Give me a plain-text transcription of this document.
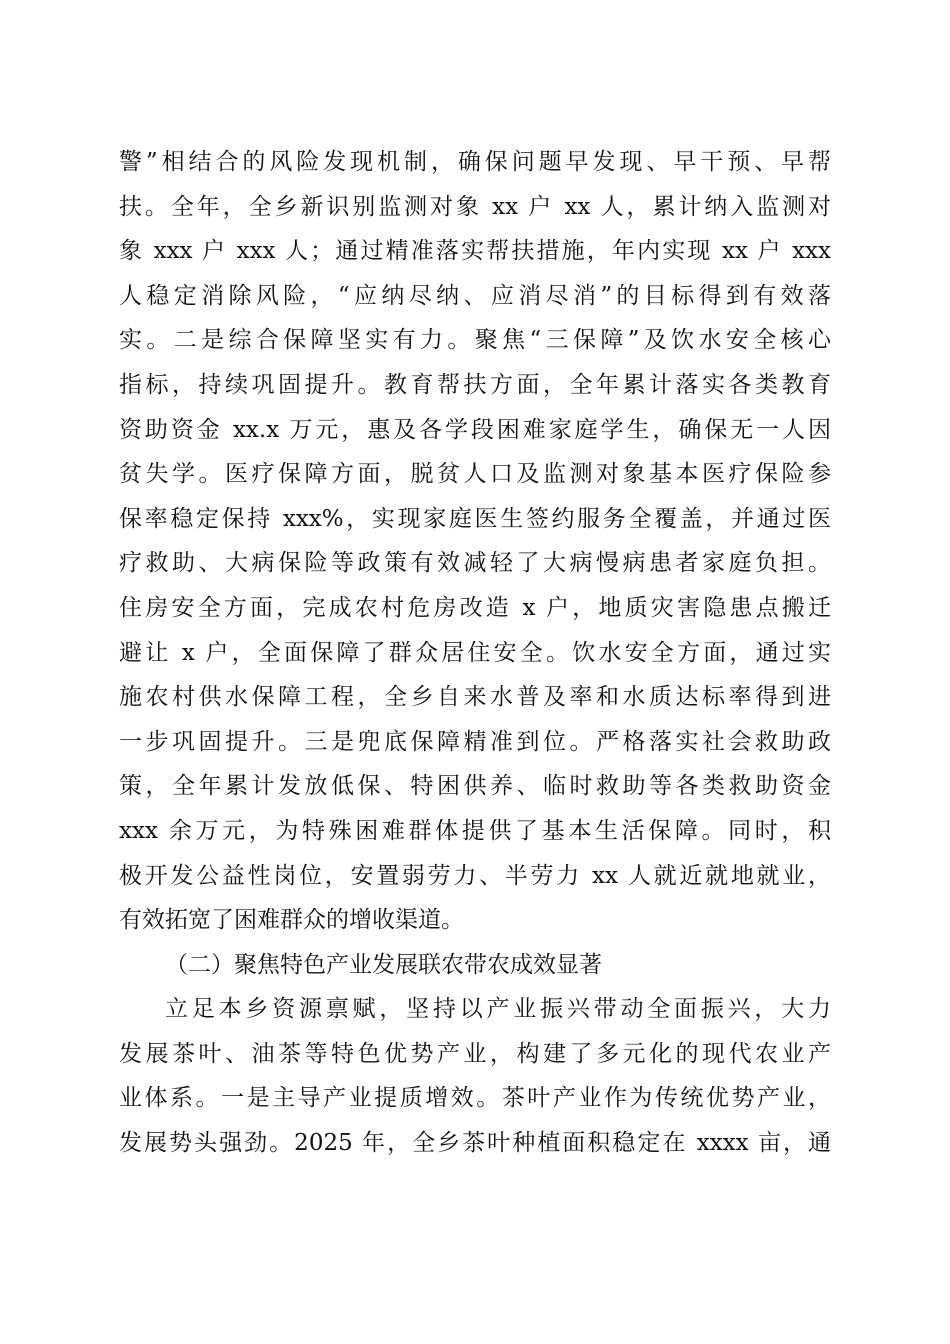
警”相结合的风险发现机制，确保问题早发现、早干预、早帮
扶。全年，全乡新识别监测对象 xx 户 xx 人，累计纳入监测对
象 xxx 户 xxx 人；通过精准落实帮扶措施，年内实现 xx 户 xxx
人稳定消除风险，“应纳尽纳、应消尽消”的目标得到有效落
实。二是综合保障坚实有力。聚焦“三保障”及饮水安全核心
指标，持续巩固提升。教育帮扶方面，全年累计落实各类教育
资助资金 xx.x 万元，惠及各学段困难家庭学生，确保无一人因
贫失学。医疗保障方面，脱贫人口及监测对象基本医疗保险参
保率稳定保持 xxx%，实现家庭医生签约服务全覆盖，并通过医
疗救助、大病保险等政策有效减轻了大病慢病患者家庭负担。
住房安全方面，完成农村危房改造 x 户，地质灾害隐患点搬迁
避让 x 户，全面保障了群众居住安全。饮水安全方面，通过实
施农村供水保障工程，全乡自来水普及率和水质达标率得到进
一步巩固提升。三是兜底保障精准到位。严格落实社会救助政
策，全年累计发放低保、特困供养、临时救助等各类救助资金
xxx 余万元，为特殊困难群体提供了基本生活保障。同时，积
极开发公益性岗位，安置弱劳力、半劳力 xx 人就近就地就业，
有效拓宽了困难群众的增收渠道。
（二）聚焦特色产业发展联农带农成效显著
立足本乡资源禀赋，坚持以产业振兴带动全面振兴，大力
发展茶叶、油茶等特色优势产业，构建了多元化的现代农业产
业体系。一是主导产业提质增效。茶叶产业作为传统优势产业，
发展势头强劲。2025 年，全乡茶叶种植面积稳定在 xxxx 亩，通
